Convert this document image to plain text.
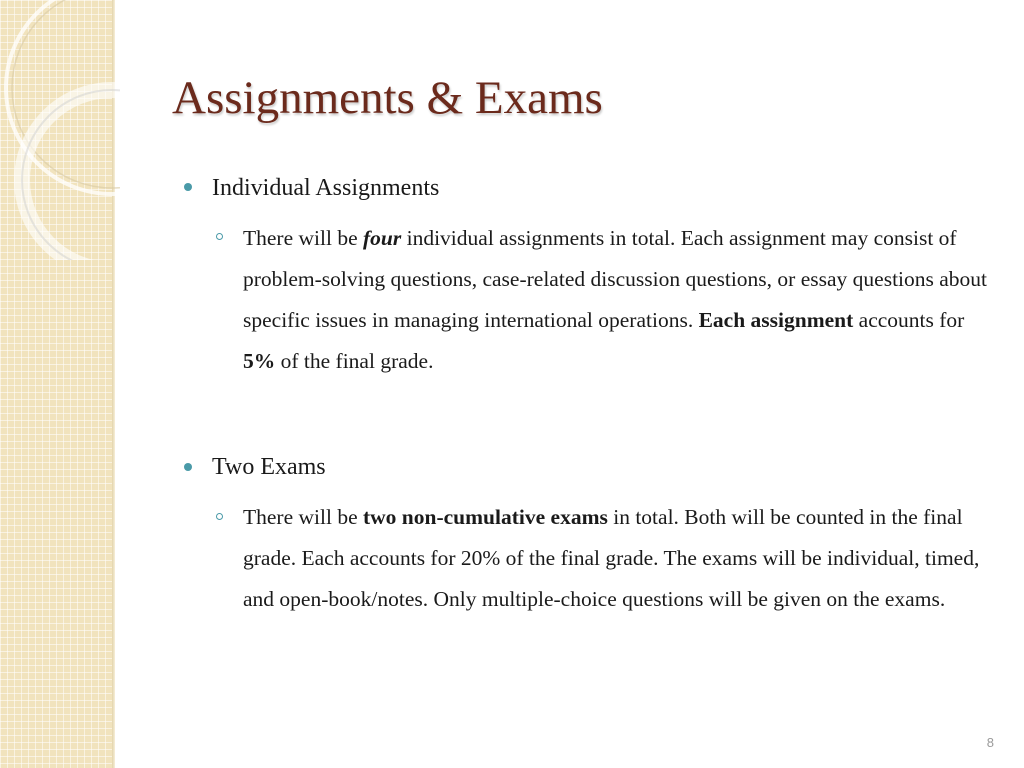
Assignments & Exams

Individual Assignments

There will be four individual assignments in total. Each assignment may consist of problem-solving questions, case-related discussion questions, or essay questions about specific issues in managing international operations. Each assignment accounts for 5% of the final grade.

Two Exams

There will be two non-cumulative exams in total. Both will be counted in the final grade. Each accounts for 20% of the final grade. The exams will be individual, timed, and open-book/notes. Only multiple-choice questions will be given on the exams.

8
